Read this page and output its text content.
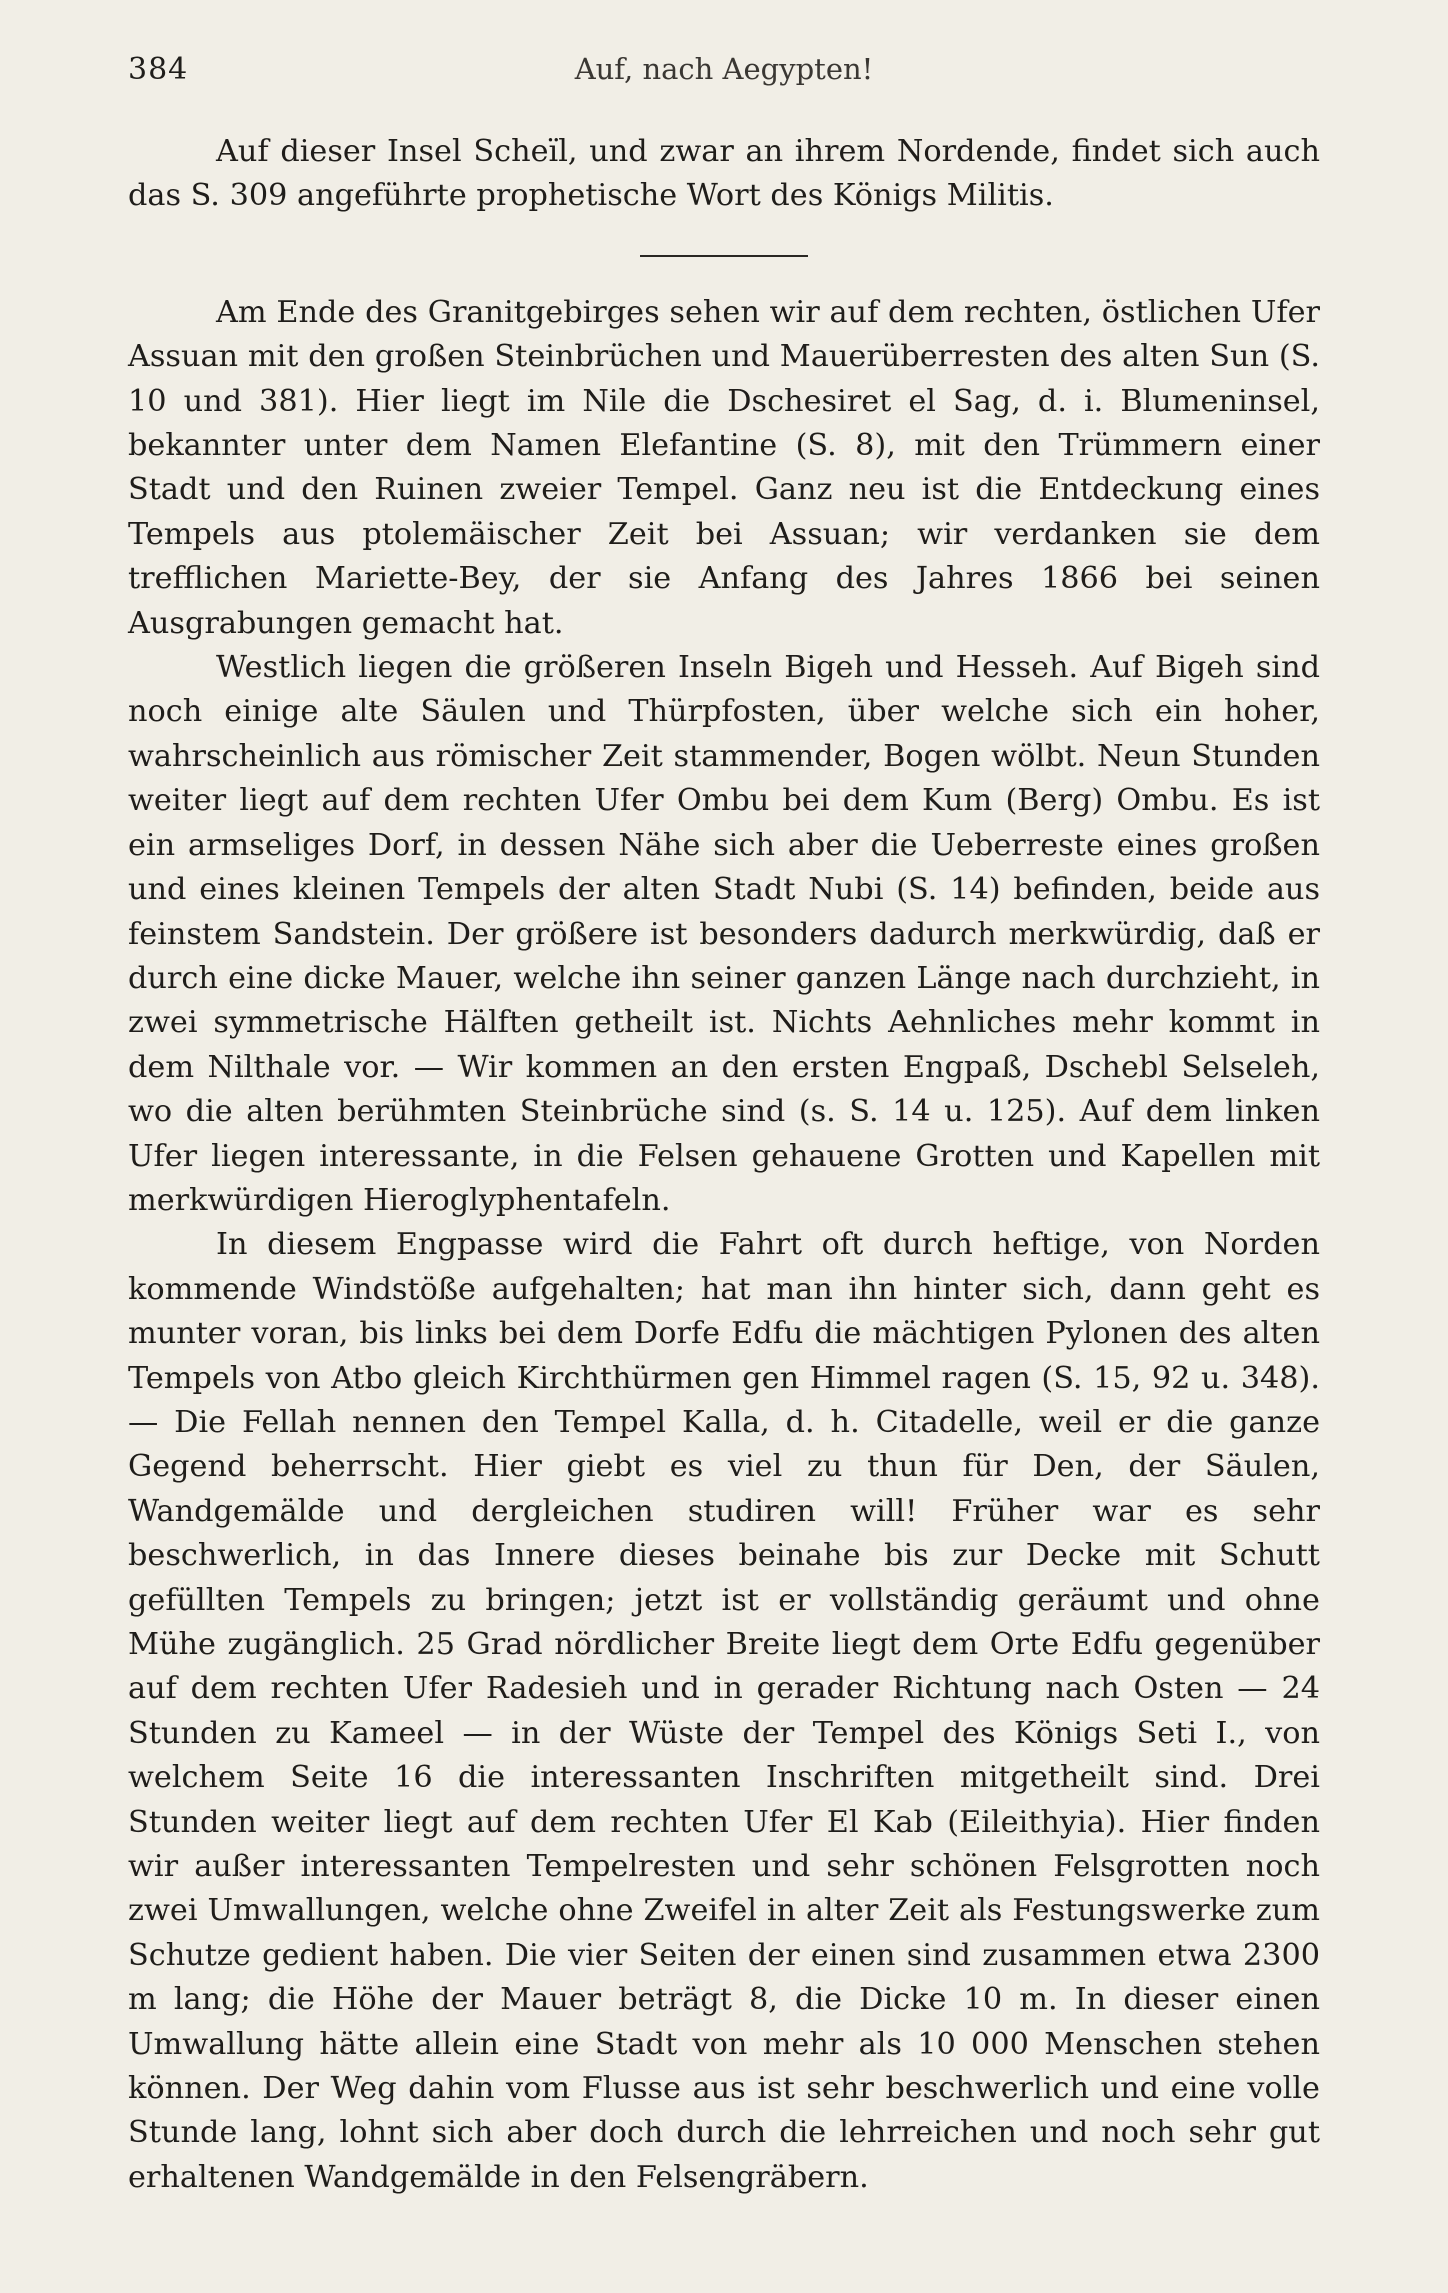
384	Auf, nach Aegypten!

Auf dieser Insel Scheïl, und zwar an ihrem Nordende, findet sich auch das S. 309 angeführte prophetische Wort des Königs Militis.

Am Ende des Granitgebirges sehen wir auf dem rechten, östlichen Ufer Assuan mit den großen Steinbrüchen und Mauerüberresten des alten Sun (S. 10 und 381). Hier liegt im Nile die Dschesiret el Sag, d. i. Blumeninsel, bekannter unter dem Namen Elefantine (S. 8), mit den Trümmern einer Stadt und den Ruinen zweier Tempel. Ganz neu ist die Entdeckung eines Tempels aus ptolemäischer Zeit bei Assuan; wir verdanken sie dem trefflichen Mariette-Bey, der sie Anfang des Jahres 1866 bei seinen Ausgrabungen gemacht hat.

Westlich liegen die größeren Inseln Bigeh und Hesseh. Auf Bigeh sind noch einige alte Säulen und Thürpfosten, über welche sich ein hoher, wahrscheinlich aus römischer Zeit stammender, Bogen wölbt. Neun Stunden weiter liegt auf dem rechten Ufer Ombu bei dem Kum (Berg) Ombu. Es ist ein armseliges Dorf, in dessen Nähe sich aber die Ueberreste eines großen und eines kleinen Tempels der alten Stadt Nubi (S. 14) befinden, beide aus feinstem Sandstein. Der größere ist besonders dadurch merkwürdig, daß er durch eine dicke Mauer, welche ihn seiner ganzen Länge nach durchzieht, in zwei symmetrische Hälften getheilt ist. Nichts Aehnliches mehr kommt in dem Nilthale vor. — Wir kommen an den ersten Engpaß, Dschebl Selseleh, wo die alten berühmten Steinbrüche sind (s. S. 14 u. 125). Auf dem linken Ufer liegen interessante, in die Felsen gehauene Grotten und Kapellen mit merkwürdigen Hieroglyphentafeln.

In diesem Engpasse wird die Fahrt oft durch heftige, von Norden kommende Windstöße aufgehalten; hat man ihn hinter sich, dann geht es munter voran, bis links bei dem Dorfe Edfu die mächtigen Pylonen des alten Tempels von Atbo gleich Kirchthürmen gen Himmel ragen (S. 15, 92 u. 348). — Die Fellah nennen den Tempel Kalla, d. h. Citadelle, weil er die ganze Gegend beherrscht. Hier giebt es viel zu thun für Den, der Säulen, Wandgemälde und dergleichen studiren will! Früher war es sehr beschwerlich, in das Innere dieses beinahe bis zur Decke mit Schutt gefüllten Tempels zu bringen; jetzt ist er vollständig geräumt und ohne Mühe zugänglich. 25 Grad nördlicher Breite liegt dem Orte Edfu gegenüber auf dem rechten Ufer Radesieh und in gerader Richtung nach Osten — 24 Stunden zu Kameel — in der Wüste der Tempel des Königs Seti I., von welchem Seite 16 die interessanten Inschriften mitgetheilt sind. Drei Stunden weiter liegt auf dem rechten Ufer El Kab (Eileithyia). Hier finden wir außer interessanten Tempelresten und sehr schönen Felsgrotten noch zwei Umwallungen, welche ohne Zweifel in alter Zeit als Festungswerke zum Schutze gedient haben. Die vier Seiten der einen sind zusammen etwa 2300 m lang; die Höhe der Mauer beträgt 8, die Dicke 10 m. In dieser einen Umwallung hätte allein eine Stadt von mehr als 10 000 Menschen stehen können. Der Weg dahin vom Flusse aus ist sehr beschwerlich und eine volle Stunde lang, lohnt sich aber doch durch die lehrreichen und noch sehr gut erhaltenen Wandgemälde in den Felsengräbern.
